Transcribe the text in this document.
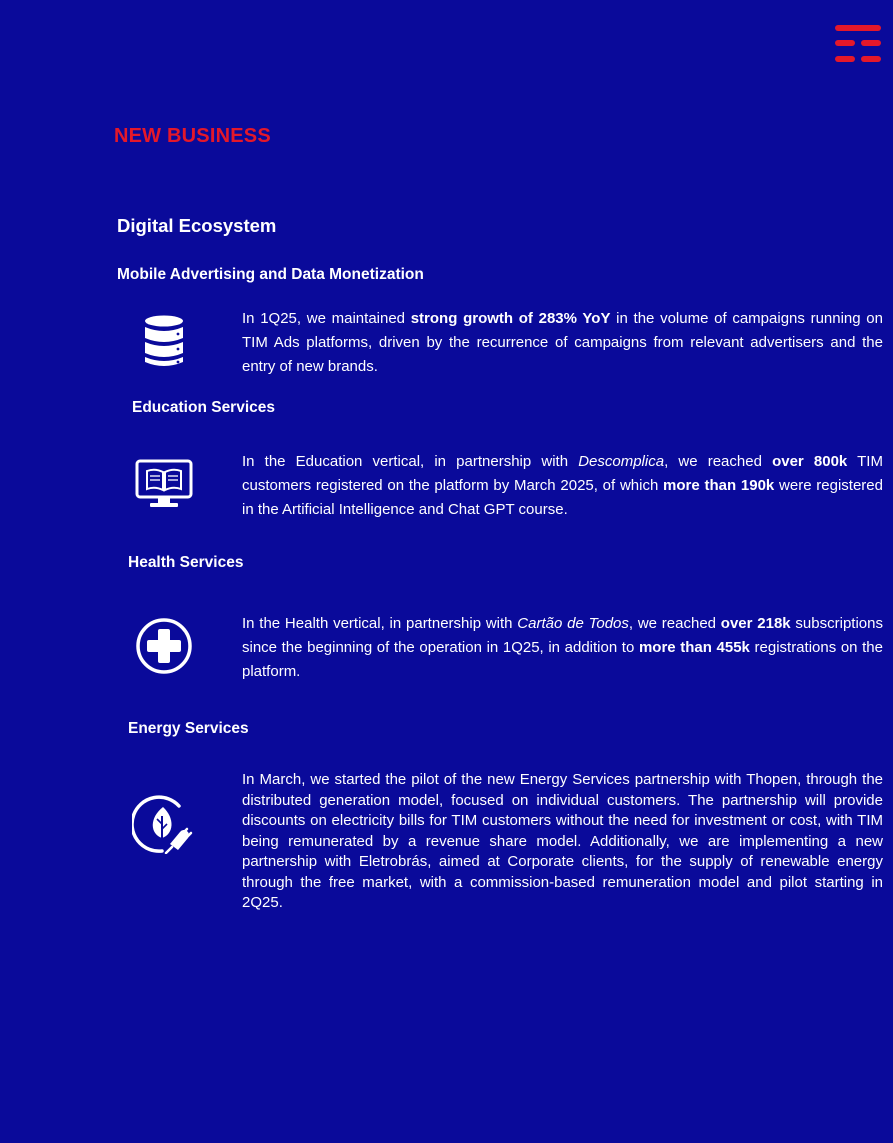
NEW BUSINESS
Digital Ecosystem
Mobile Advertising and Data Monetization
In 1Q25, we maintained strong growth of 283% YoY in the volume of campaigns running on TIM Ads platforms, driven by the recurrence of campaigns from relevant advertisers and the entry of new brands.
Education Services
In the Education vertical, in partnership with Descomplica, we reached over 800k TIM customers registered on the platform by March 2025, of which more than 190k were registered in the Artificial Intelligence and Chat GPT course.
Health Services
In the Health vertical, in partnership with Cartão de Todos, we reached over 218k subscriptions since the beginning of the operation in 1Q25, in addition to more than 455k registrations on the platform.
Energy Services
In March, we started the pilot of the new Energy Services partnership with Thopen, through the distributed generation model, focused on individual customers. The partnership will provide discounts on electricity bills for TIM customers without the need for investment or cost, with TIM being remunerated by a revenue share model. Additionally, we are implementing a new partnership with Eletrobrás, aimed at Corporate clients, for the supply of renewable energy through the free market, with a commission-based remuneration model and pilot starting in 2Q25.
